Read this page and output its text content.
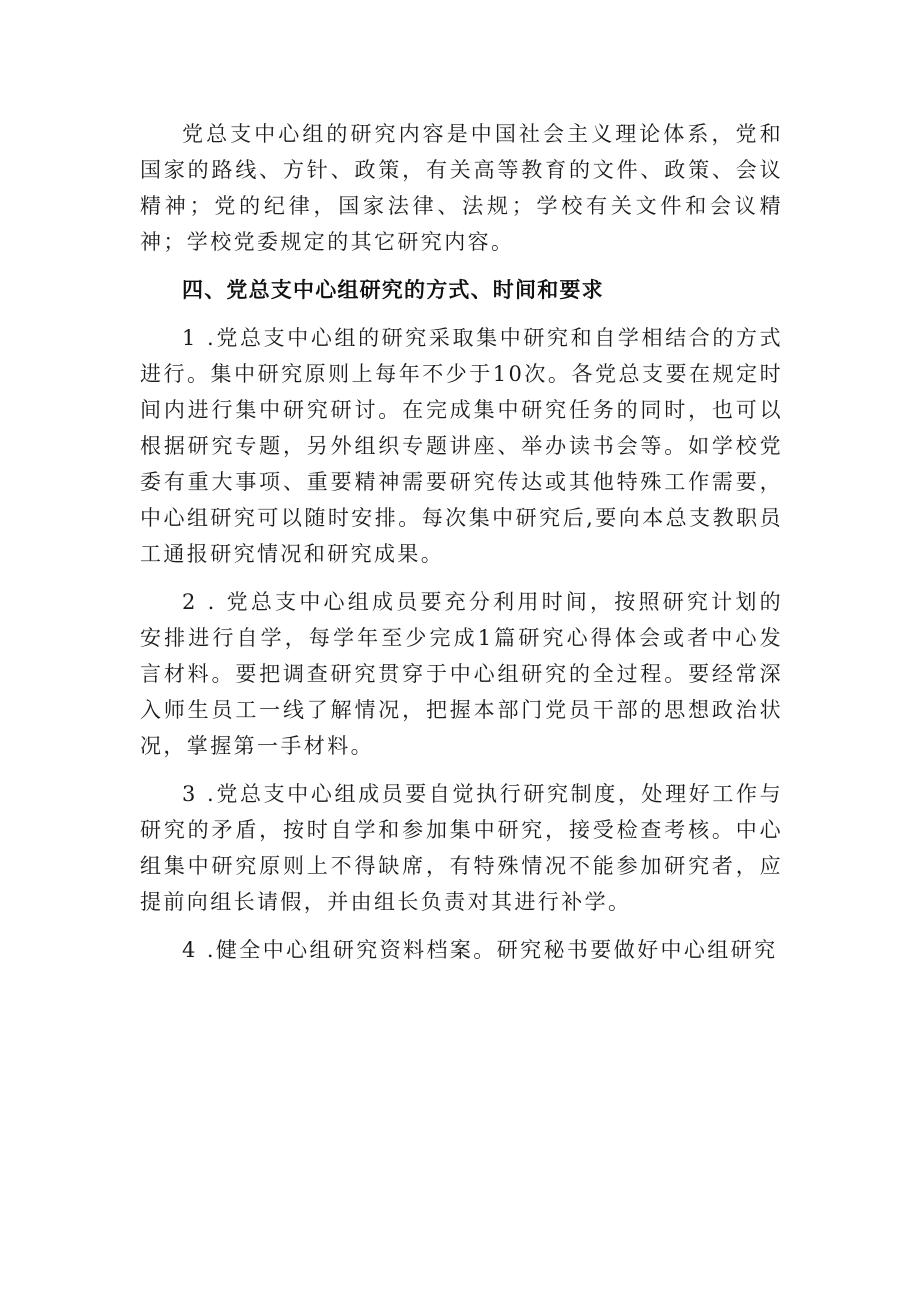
党总支中心组的研究内容是中国社会主义理论体系，党和国家的路线、方针、政策，有关高等教育的文件、政策、会议精神；党的纪律，国家法律、法规；学校有关文件和会议精神；学校党委规定的其它研究内容。

四、党总支中心组研究的方式、时间和要求

1 .党总支中心组的研究采取集中研究和自学相结合的方式进行。集中研究原则上每年不少于10次。各党总支要在规定时间内进行集中研究研讨。在完成集中研究任务的同时，也可以根据研究专题，另外组织专题讲座、举办读书会等。如学校党委有重大事项、重要精神需要研究传达或其他特殊工作需要，中心组研究可以随时安排。每次集中研究后,要向本总支教职员工通报研究情况和研究成果。

2 . 党总支中心组成员要充分利用时间，按照研究计划的安排进行自学，每学年至少完成1篇研究心得体会或者中心发言材料。要把调查研究贯穿于中心组研究的全过程。要经常深入师生员工一线了解情况，把握本部门党员干部的思想政治状况，掌握第一手材料。

3 .党总支中心组成员要自觉执行研究制度，处理好工作与研究的矛盾，按时自学和参加集中研究，接受检查考核。中心组集中研究原则上不得缺席，有特殊情况不能参加研究者，应提前向组长请假，并由组长负责对其进行补学。

4 .健全中心组研究资料档案。研究秘书要做好中心组研究
